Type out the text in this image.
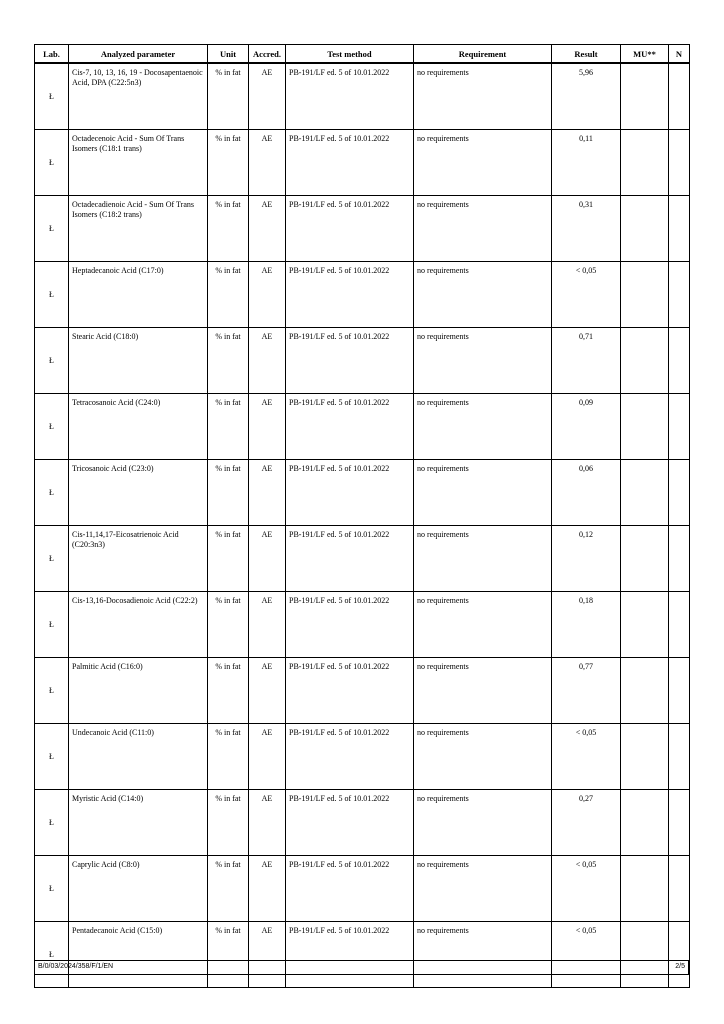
Lab.	Analyzed parameter	Unit	Accred.	Test method	Requirement	Result	MU**	N
Ł	Cis-7, 10, 13, 16, 19 - Docosapentaenoic Acid, DPA (C22:5n3)	% in fat	AE	PB-191/LF ed. 5 of 10.01.2022	no requirements	5,96		
Ł	Octadecenoic Acid - Sum Of Trans Isomers (C18:1 trans)	% in fat	AE	PB-191/LF ed. 5 of 10.01.2022	no requirements	0,11		
Ł	Octadecadienoic Acid - Sum Of Trans Isomers (C18:2 trans)	% in fat	AE	PB-191/LF ed. 5 of 10.01.2022	no requirements	0,31		
Ł	Heptadecanoic Acid (C17:0)	% in fat	AE	PB-191/LF ed. 5 of 10.01.2022	no requirements	< 0,05		
Ł	Stearic Acid (C18:0)	% in fat	AE	PB-191/LF ed. 5 of 10.01.2022	no requirements	0,71		
Ł	Tetracosanoic Acid (C24:0)	% in fat	AE	PB-191/LF ed. 5 of 10.01.2022	no requirements	0,09		
Ł	Tricosanoic Acid (C23:0)	% in fat	AE	PB-191/LF ed. 5 of 10.01.2022	no requirements	0,06		
Ł	Cis-11,14,17-Eicosatrienoic Acid (C20:3n3)	% in fat	AE	PB-191/LF ed. 5 of 10.01.2022	no requirements	0,12		
Ł	Cis-13,16-Docosadienoic Acid (C22:2)	% in fat	AE	PB-191/LF ed. 5 of 10.01.2022	no requirements	0,18		
Ł	Palmitic Acid (C16:0)	% in fat	AE	PB-191/LF ed. 5 of 10.01.2022	no requirements	0,77		
Ł	Undecanoic Acid (C11:0)	% in fat	AE	PB-191/LF ed. 5 of 10.01.2022	no requirements	< 0,05		
Ł	Myristic Acid (C14:0)	% in fat	AE	PB-191/LF ed. 5 of 10.01.2022	no requirements	0,27		
Ł	Caprylic Acid (C8:0)	% in fat	AE	PB-191/LF ed. 5 of 10.01.2022	no requirements	< 0,05		
Ł	Pentadecanoic Acid (C15:0)	% in fat	AE	PB-191/LF ed. 5 of 10.01.2022	no requirements	< 0,05		
B/0/03/2024/358/F/1/EN	2/5
